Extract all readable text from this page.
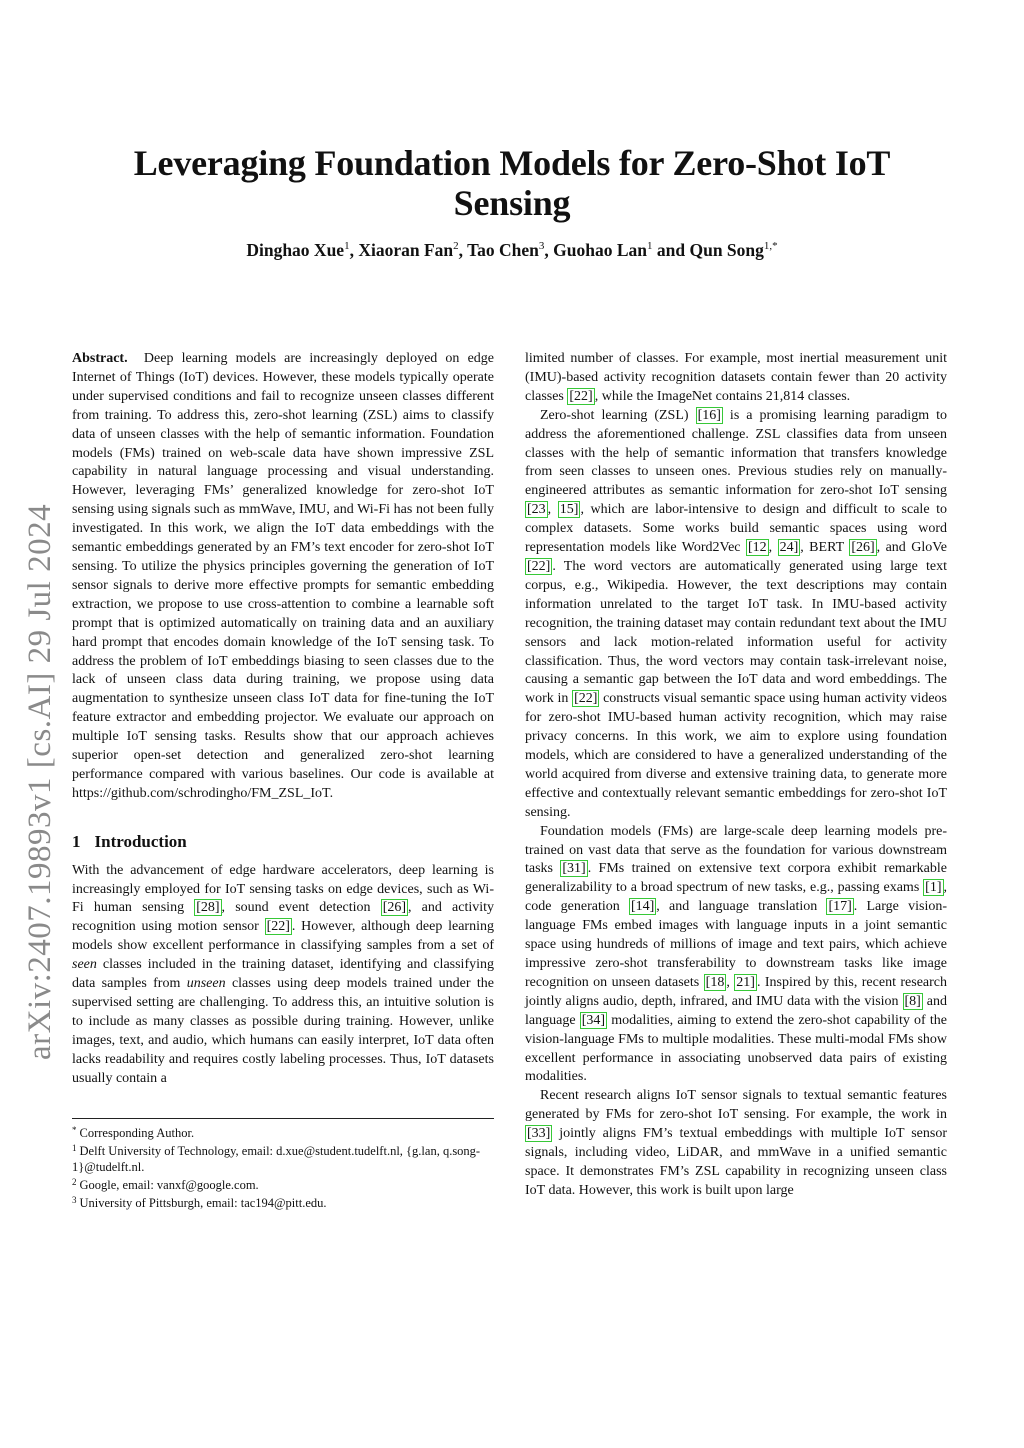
arXiv:2407.19893v1 [cs.AI] 29 Jul 2024
Leveraging Foundation Models for Zero-Shot IoT
Sensing
Dinghao Xue$^1$, Xiaoran Fan$^2$, Tao Chen$^3$, Guohao Lan$^1$ and Qun Song$^{1,*}$

Abstract. Deep learning models are increasingly deployed on edge Internet of Things (IoT) devices. However, these models typically operate under supervised conditions and fail to recognize unseen classes different from training. To address this, zero-shot learning (ZSL) aims to classify data of unseen classes with the help of semantic information. Foundation models (FMs) trained on web-scale data have shown impressive ZSL capability in natural language processing and visual understanding. However, leveraging FMs’ generalized knowledge for zero-shot IoT sensing using signals such as mmWave, IMU, and Wi-Fi has not been fully investigated. In this work, we align the IoT data embeddings with the semantic embeddings generated by an FM’s text encoder for zero-shot IoT sensing. To utilize the physics principles governing the generation of IoT sensor signals to derive more effective prompts for semantic embedding extraction, we propose to use cross-attention to combine a learnable soft prompt that is optimized automatically on training data and an auxiliary hard prompt that encodes domain knowledge of the IoT sensing task. To address the problem of IoT embeddings biasing to seen classes due to the lack of unseen class data during training, we propose using data augmentation to synthesize unseen class IoT data for fine-tuning the IoT feature extractor and embedding projector. We evaluate our approach on multiple IoT sensing tasks. Results show that our approach achieves superior open-set detection and generalized zero-shot learning performance compared with various baselines. Our code is available at https://github.com/schrodingho/FM_ZSL_IoT.

1 Introduction

With the advancement of edge hardware accelerators, deep learning is increasingly employed for IoT sensing tasks on edge devices, such as Wi-Fi human sensing [28] , sound event detection [26] , and activity recognition using motion sensor [22] . However, although deep learning models show excellent performance in classifying samples from a set of seen classes included in the training dataset, identifying and classifying data samples from unseen classes using deep models trained under the supervised setting are challenging. To address this, an intuitive solution is to include as many classes as possible during training. However, unlike images, text, and audio, which humans can easily interpret, IoT data often lacks readability and requires costly labeling processes. Thus, IoT datasets usually contain a

limited number of classes. For example, most inertial measurement unit (IMU)-based activity recognition datasets contain fewer than 20 activity classes [22] , while the ImageNet contains 21,814 classes.

Zero-shot learning (ZSL) [16] is a promising learning paradigm to address the aforementioned challenge. ZSL classifies data from unseen classes with the help of semantic information that transfers knowledge from seen classes to unseen ones. Previous studies rely on manually-engineered attributes as semantic information for zero-shot IoT sensing [23 , 15] , which are labor-intensive to design and difficult to scale to complex datasets. Some works build semantic spaces using word representation models like Word2Vec [12 , 24] , BERT [26] , and GloVe [22] . The word vectors are automatically generated using large text corpus, e.g., Wikipedia. However, the text descriptions may contain information unrelated to the target IoT task. In IMU-based activity recognition, the training dataset may contain redundant text about the IMU sensors and lack motion-related information useful for activity classification. Thus, the word vectors may contain task-irrelevant noise, causing a semantic gap between the IoT data and word embeddings. The work in [22] constructs visual semantic space using human activity videos for zero-shot IMU-based human activity recognition, which may raise privacy concerns. In this work, we aim to explore using foundation models, which are considered to have a generalized understanding of the world acquired from diverse and extensive training data, to generate more effective and contextually relevant semantic embeddings for zero-shot IoT sensing.

Foundation models (FMs) are large-scale deep learning models pre-trained on vast data that serve as the foundation for various downstream tasks [31] . FMs trained on extensive text corpora exhibit remarkable generalizability to a broad spectrum of new tasks, e.g., passing exams [1] , code generation [14] , and language translation [17] . Large vision-language FMs embed images with language inputs in a joint semantic space using hundreds of millions of image and text pairs, which achieve impressive zero-shot transferability to downstream tasks like image recognition on unseen datasets [18 , 21] . Inspired by this, recent research jointly aligns audio, depth, infrared, and IMU data with the vision [8] and language [34] modalities, aiming to extend the zero-shot capability of the vision-language FMs to multiple modalities. These multi-modal FMs show excellent performance in associating unobserved data pairs of existing modalities.

Recent research aligns IoT sensor signals to textual semantic features generated by FMs for zero-shot IoT sensing. For example, the work in [33] jointly aligns FM’s textual embeddings with multiple IoT sensor signals, including video, LiDAR, and mmWave in a unified semantic space. It demonstrates FM’s ZSL capability in recognizing unseen class IoT data. However, this work is built upon large

* Corresponding Author.
$^1$ Delft University of Technology, email: d.xue@student.tudelft.nl, {g.lan, q.song-1}@tudelft.nl.
$^2$ Google, email: vanxf@google.com.
$^3$ University of Pittsburgh, email: tac194@pitt.edu.
